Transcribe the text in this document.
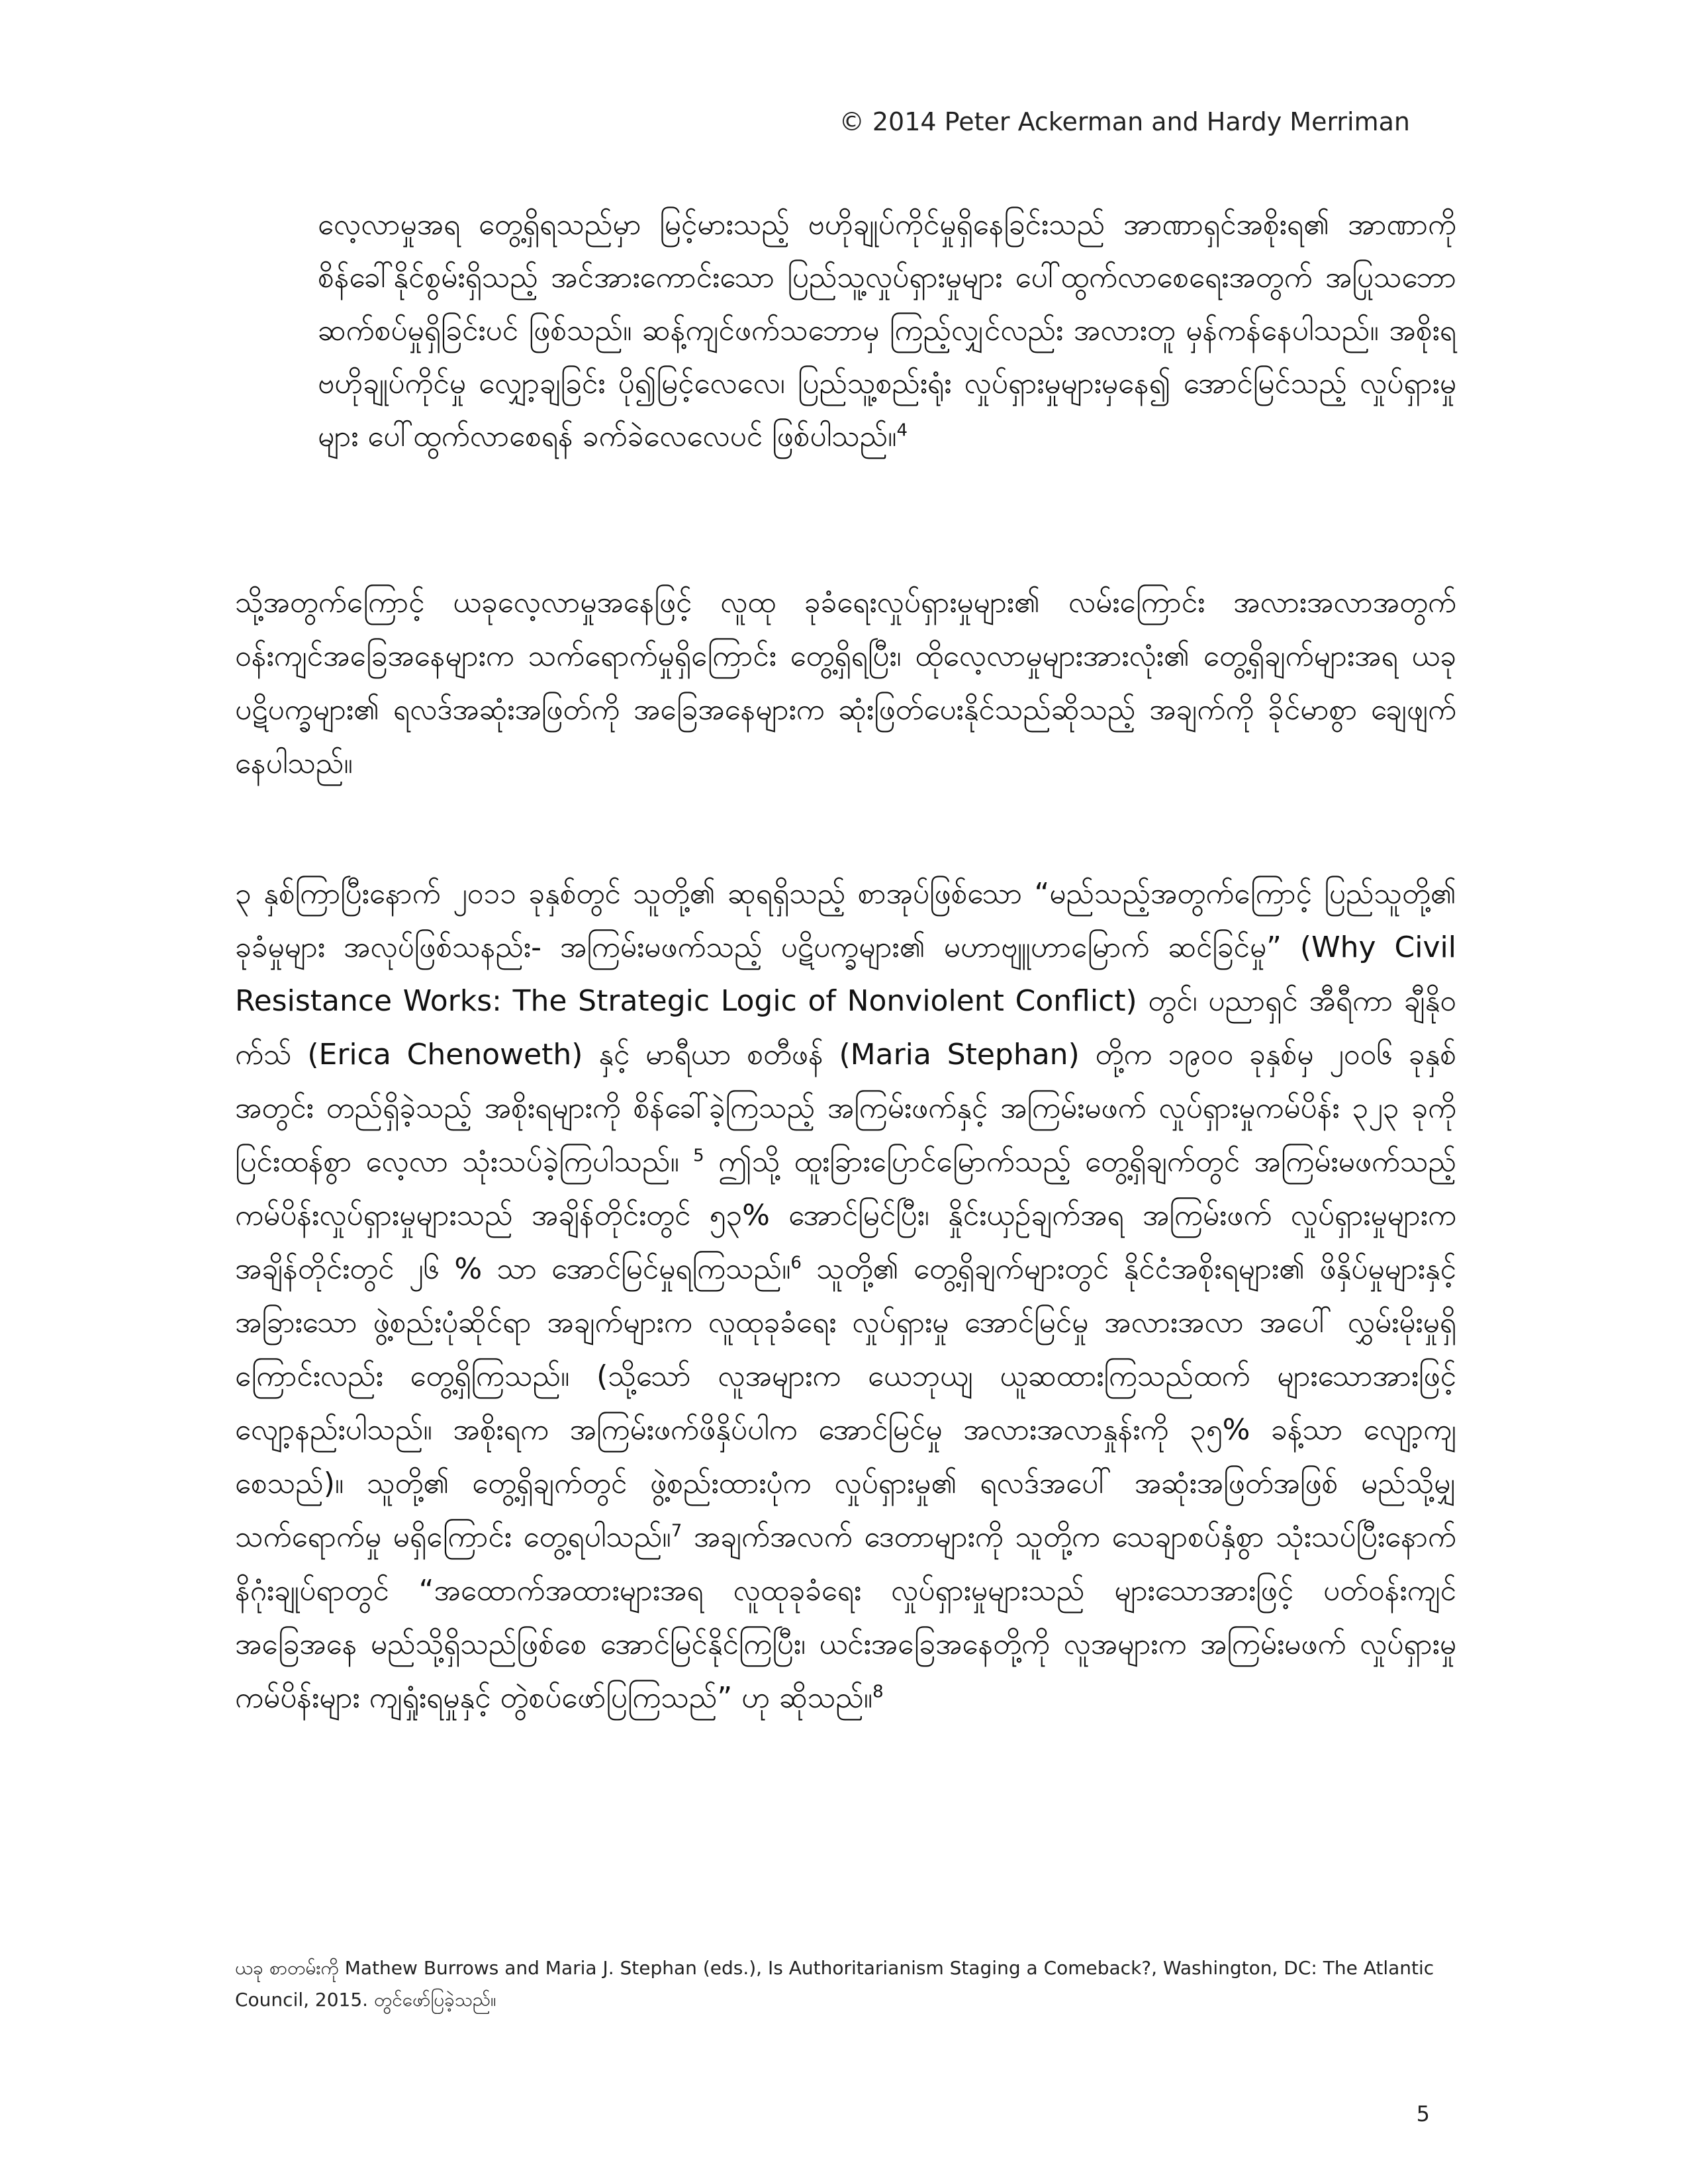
© 2014 Peter Ackerman and Hardy Merriman

လေ့လာမှုအရ တွေ့ရှိရသည်မှာ မြင့်မားသည့် ဗဟိုချုပ်ကိုင်မှုရှိနေခြင်းသည် အာဏာရှင်အစိုးရ၏ အာဏာကို စိန်ခေါ်နိုင်စွမ်းရှိသည့် အင်အားကောင်းသော ပြည်သူ့လှုပ်ရှားမှုများ ပေါ်ထွက်လာစေရေးအတွက် အပြုသဘော ဆက်စပ်မှုရှိခြင်းပင် ဖြစ်သည်။ ဆန့်ကျင်ဖက်သဘောမှ ကြည့်လျှင်လည်း အလားတူ မှန်ကန်နေပါသည်။ အစိုးရ ဗဟိုချုပ်ကိုင်မှု လျှော့ချခြင်း ပို၍မြင့်လေလေ၊ ပြည်သူ့စည်းရုံး လှုပ်ရှားမှုများမှနေ၍ အောင်မြင်သည့် လှုပ်ရှားမှုများ ပေါ်ထွက်လာစေရန် ခက်ခဲလေလေပင် ဖြစ်ပါသည်။$^4$

သို့အတွက်ကြောင့် ယခုလေ့လာမှုအနေဖြင့် လူထု ခုခံရေးလှုပ်ရှားမှုများ၏ လမ်းကြောင်း အလားအလာအတွက် ဝန်းကျင်အခြေအနေများက သက်ရောက်မှုရှိကြောင်း တွေ့ရှိရပြီး၊ ထိုလေ့လာမှုများအားလုံး၏ တွေ့ရှိချက်များအရ ယခု ပဋိပက္ခများ၏ ရလဒ်အဆုံးအဖြတ်ကို အခြေအနေများက ဆုံးဖြတ်ပေးနိုင်သည်ဆိုသည့် အချက်ကို ခိုင်မာစွာ ချေဖျက်နေပါသည်။

၃ နှစ်ကြာပြီးနောက် ၂၀၁၁ ခုနှစ်တွင် သူတို့၏ ဆုရရှိသည့် စာအုပ်ဖြစ်သော “မည်သည့်အတွက်ကြောင့် ပြည်သူတို့၏ ခုခံမှုများ အလုပ်ဖြစ်သနည်း- အကြမ်းမဖက်သည့် ပဋိပက္ခများ၏ မဟာဗျူဟာမြောက် ဆင်ခြင်မှု” (Why Civil Resistance Works: The Strategic Logic of Nonviolent Conflict) တွင်၊ ပညာရှင် အီရီကာ ချီနိုဝက်သ် (Erica Chenoweth) နှင့် မာရီယာ စတီဖန် (Maria Stephan) တို့က ၁၉၀၀ ခုနှစ်မှ ၂၀၀၆ ခုနှစ်အတွင်း တည်ရှိခဲ့သည့် အစိုးရများကို စိန်ခေါ်ခဲ့ကြသည့် အကြမ်းဖက်နှင့် အကြမ်းမဖက် လှုပ်ရှားမှုကမ်ပိန်း ၃၂၃ ခုကို ပြင်းထန်စွာ လေ့လာ သုံးသပ်ခဲ့ကြပါသည်။ $^5$ ဤသို့ ထူးခြားပြောင်မြောက်သည့် တွေ့ရှိချက်တွင် အကြမ်းမဖက်သည့် ကမ်ပိန်းလှုပ်ရှားမှုများသည် အချိန်တိုင်းတွင် ၅၃% အောင်မြင်ပြီး၊ နှိုင်းယှဉ်ချက်အရ အကြမ်းဖက် လှုပ်ရှားမှုများက အချိန်တိုင်းတွင် ၂၆ % သာ အောင်မြင်မှုရကြသည်။$^6$ သူတို့၏ တွေ့ရှိချက်များတွင် နိုင်ငံအစိုးရများ၏ ဖိနှိပ်မှုများနှင့် အခြားသော ဖွဲ့စည်းပုံဆိုင်ရာ အချက်များက လူထုခုခံရေး လှုပ်ရှားမှု အောင်မြင်မှု အလားအလာ အပေါ် လွှမ်းမိုးမှုရှိကြောင်းလည်း တွေ့ရှိကြသည်။ (သို့သော် လူအများက ယေဘုယျ ယူဆထားကြသည်ထက် များသောအားဖြင့် လျော့နည်းပါသည်။ အစိုးရက အကြမ်းဖက်ဖိနှိပ်ပါက အောင်မြင်မှု အလားအလာနှုန်းကို ၃၅% ခန့်သာ လျော့ကျစေသည်)။ သူတို့၏ တွေ့ရှိချက်တွင် ဖွဲ့စည်းထားပုံက လှုပ်ရှားမှု၏ ရလဒ်အပေါ် အဆုံးအဖြတ်အဖြစ် မည်သို့မျှ သက်ရောက်မှု မရှိကြောင်း တွေ့ရပါသည်။$^7$ အချက်အလက် ဒေတာများကို သူတို့က သေချာစပ်နှံစွာ သုံးသပ်ပြီးနောက် နိဂုံးချုပ်ရာတွင် “အထောက်အထားများအရ လူထုခုခံရေး လှုပ်ရှားမှုများသည် များသောအားဖြင့် ပတ်ဝန်းကျင် အခြေအနေ မည်သို့ရှိသည်ဖြစ်စေ အောင်မြင်နိုင်ကြပြီး၊ ယင်းအခြေအနေတို့ကို လူအများက အကြမ်းမဖက် လှုပ်ရှားမှု ကမ်ပိန်းများ ကျရှုံးရမှုနှင့် တွဲစပ်ဖော်ပြကြသည်” ဟု ဆိုသည်။$^8$

ယခု စာတမ်းကို Mathew Burrows and Maria J. Stephan (eds.), Is Authoritarianism Staging a Comeback?, Washington, DC: The Atlantic Council, 2015. တွင်ဖော်ပြခဲ့သည်။

5
